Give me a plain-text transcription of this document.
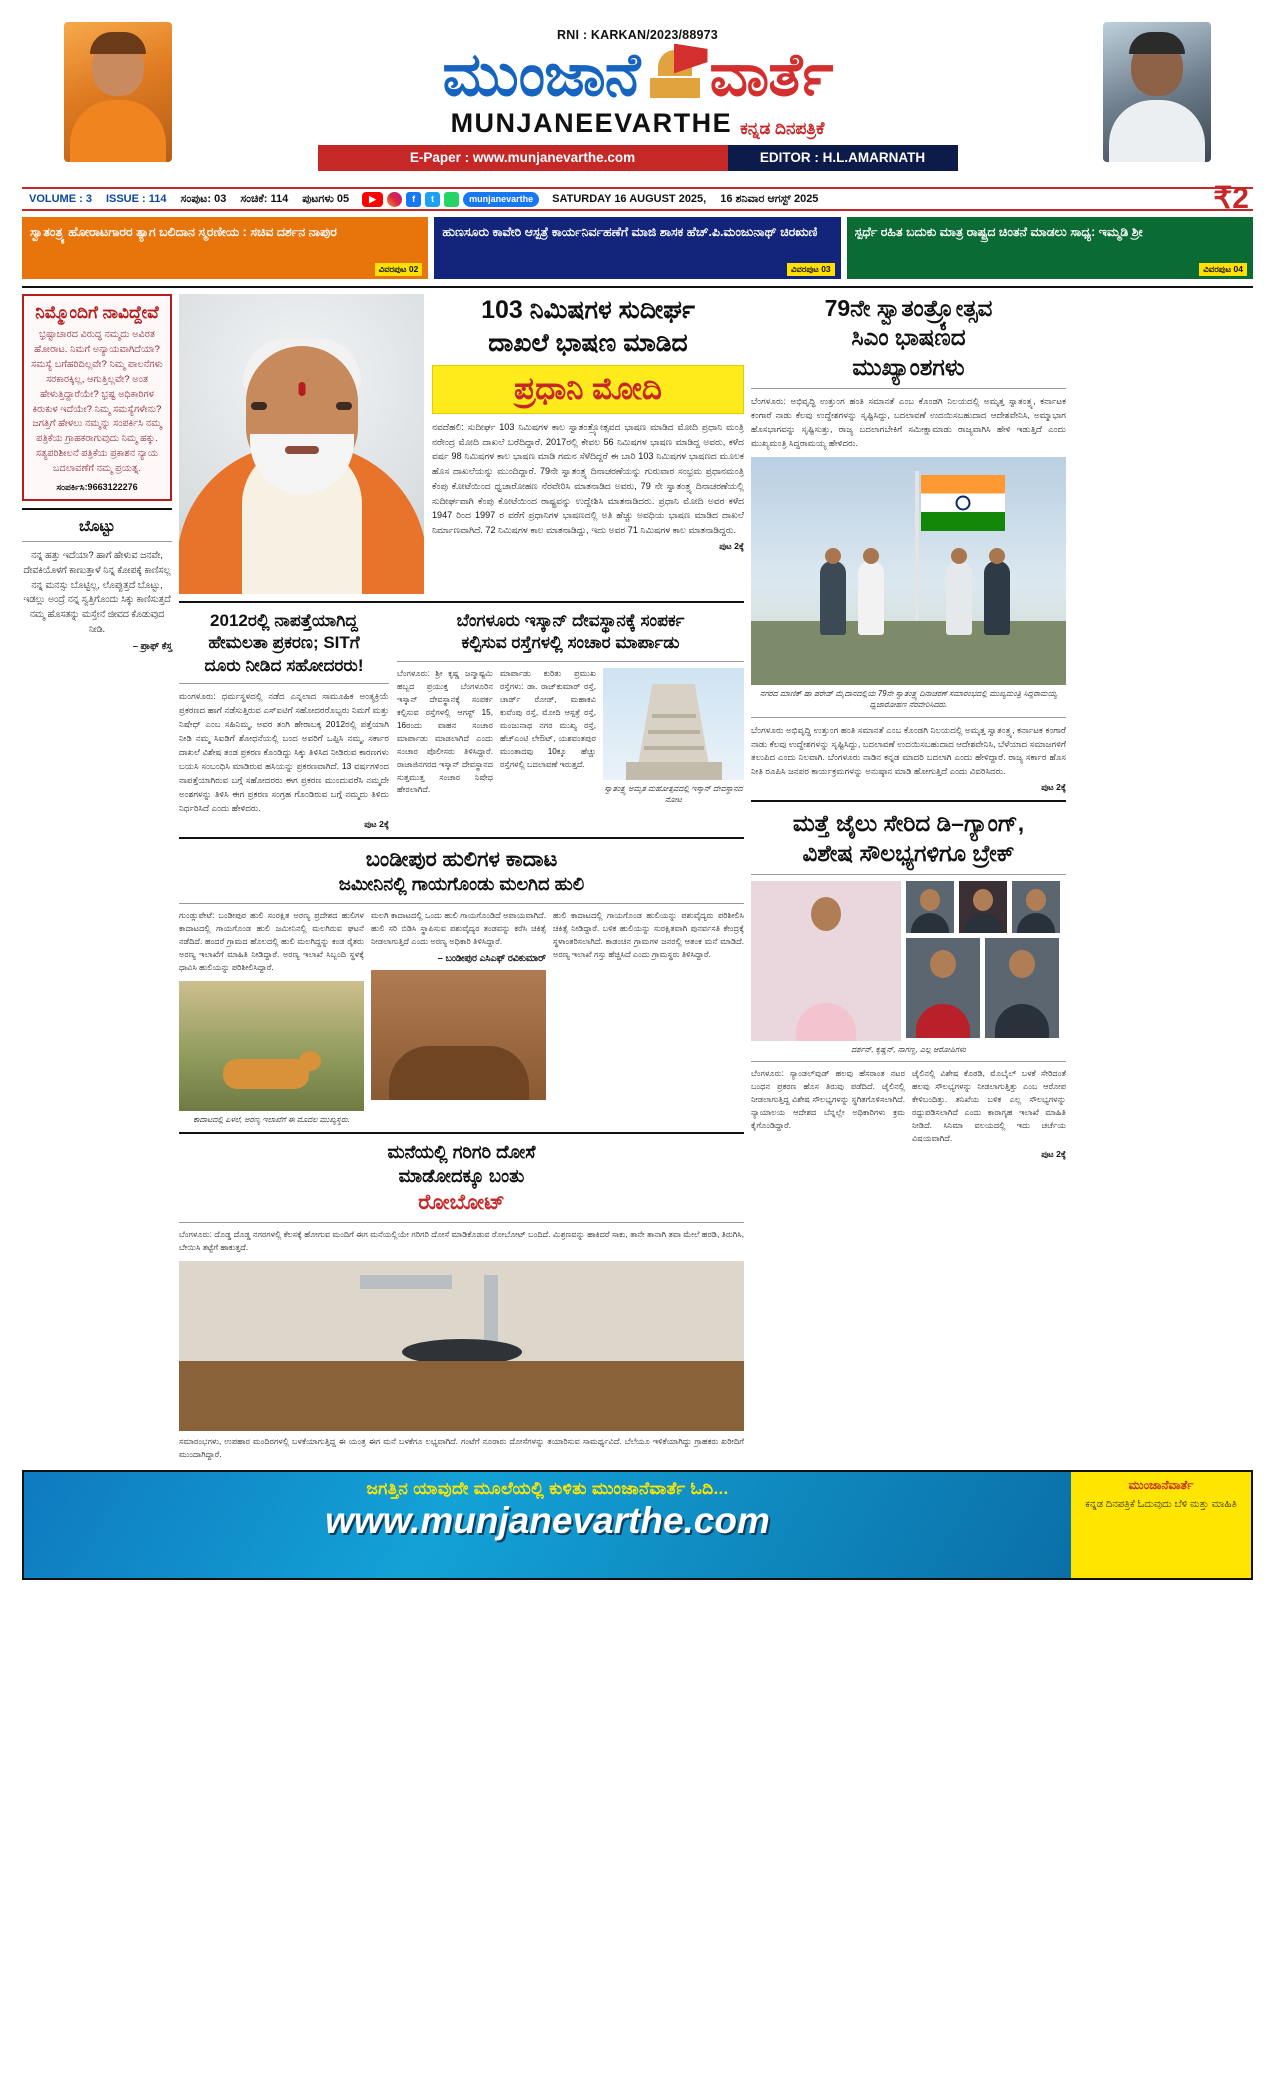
RNI : KARKAN/2023/88973
ಮುಂಜಾನೆ ವಾರ್ತೆ
MUNJANEEVARTHE ಕನ್ನಡ ದಿನಪತ್ರಿಕೆ
E-Paper : www.munjanevarthe.com	EDITOR : H.L.AMARNATH
VOLUME : 3	ISSUE : 114	ಸಂಪುಟ: 03	ಸಂಚಿಕೆ: 114	ಪುಟಗಳು 05	▶	f	t	munjanevarthe	SATURDAY 16 AUGUST 2025,	16 ಶನಿವಾರ ಆಗಸ್ಟ್ 2025	₹2
ಸ್ವಾತಂತ್ರ್ಯ ಹೋರಾಟಗಾರರ ತ್ಯಾಗ ಬಲಿದಾನ ಸ್ಮರಣೀಯ : ಸಚಿವ ದರ್ಶನ ನಾಪುರ
ವಿವರಪುಟ 02
ಹುಣಸೂರು ಕಾವೇರಿ ಆಸ್ಪತ್ರೆ ಕಾರ್ಯನಿರ್ವಹಣೆಗೆ ಮಾಜಿ ಶಾಸಕ ಹೆಚ್.ಪಿ.ಮಂಜುನಾಥ್ ಚಿರಋಣಿ
ವಿವರಪುಟ 03
ಸ್ಪರ್ಧೆ ರಹಿತ ಬದುಕು ಮಾತ್ರ ರಾಷ್ಟ್ರದ ಚಿಂತನೆ ಮಾಡಲು ಸಾಧ್ಯ: ಇಮ್ಮಡಿ ಶ್ರೀ
ವಿವರಪುಟ 04
ನಿಮ್ಮೊಂದಿಗೆ ನಾವಿದ್ದೇವೆ
ಭ್ರಷ್ಟಾಚಾರದ ವಿರುದ್ಧ ನಮ್ಮದು ಅವಿರತ ಹೋರಾಟ. ನಿಮಗೆ ಅನ್ಯಾಯವಾಗಿದೆಯಾ? ಸಮಸ್ಯೆ ಬಗೆಹರಿದಿಲ್ಲವೇ? ನಿಮ್ಮ ಪಾಲನೆಗಳು ಸರಕಾರಕ್ಕಿಲ್ಲ, ಆಗುತ್ತಿಲ್ಲವೇ? ಅಂತ ಹೇಳುತ್ತಿದ್ದಾರೆಯೇ? ಭ್ರಷ್ಟ ಅಧಿಕಾರಿಗಳ ಕಿರುಕುಳ ಇದೆಯೇ? ನಿಮ್ಮ ಸಮಸ್ಯೆಗಳೇನು? ಜಗತ್ತಿಗೆ ಹೇಳಲು ನಮ್ಮನ್ನು ಸಂಪರ್ಕಿಸಿ ನಮ್ಮ ಪತ್ರಿಕೆಯ ಗ್ರಾಹಕರಾಗುವುದು ನಿಮ್ಮ ಹಕ್ಕು. ಸತ್ಯಪರಿಶೀಲನೆ ಪತ್ರಿಕೆಯ ಪ್ರಕಾಶನ ನ್ಯಾಯ ಬದಲಾವಣೆಗೆ ನಮ್ಮ ಪ್ರಯತ್ನ.
ಸಂಪರ್ಕಿಸಿ:9663122276
ಬೊಟ್ಟು
ನನ್ನ ಹತ್ತು ಇದೆಯಾ? ಹಾಗೆ ಹೇಳುವ ಜನವೇ, ದೇವಕಿಯೊಳಗೆ ಕಾಣುತ್ತಾಳೆ ನಿನ್ನ ಕೋಪಕ್ಕೆ ಕಾಣಿಸಲ್ಲ ನನ್ನ ಮನಸ್ಸು ಬೊಟ್ಟಿಲ್ಲ, ಲೊಪ್ಪುತ್ತದೆ ಬೊಟ್ಟು, ಇಡಲ್ಲು ಅಂದ್ರೆ ನನ್ನ ಸ್ವತ್ತಿಗೊಂದು ಸಿಕ್ಕು ಕಾಣಿಸುತ್ತದೆ ನಮ್ಮ ಹೊಸತನ್ನು ಮಸ್ತೇನೆ ಜೀವದ ಕೊಡುವುದ ನೀಡಿ.
– ಪ್ರಾಫ್ ಕೆಸ್ತ
103 ನಿಮಿಷಗಳ ಸುದೀರ್ಘ
ದಾಖಲೆ ಭಾಷಣ ಮಾಡಿದ
ಪ್ರಧಾನಿ ಮೋದಿ
ನವದೆಹಲಿ: ಸುದೀರ್ಘ 103 ನಿಮಿಷಗಳ ಕಾಲ ಸ್ವಾತಂತ್ರ್ಯೋತ್ಸವದ ಭಾಷಣ ಮಾಡಿದ ಮೋದಿ ಪ್ರಧಾನಿ ಮಂತ್ರಿ ನರೇಂದ್ರ ಮೋದಿ ದಾಖಲೆ ಬರೆದಿದ್ದಾರೆ. 2017ರಲ್ಲಿ ಕೇವಲ 56 ನಿಮಿಷಗಳ ಭಾಷಣ ಮಾಡಿದ್ದ ಅವರು, ಕಳೆದ ವರ್ಷ 98 ನಿಮಿಷಗಳ ಕಾಲ ಭಾಷಣ ಮಾಡಿ ಗಮನ ಸೆಳೆದಿದ್ದರೆ ಈ ಬಾರಿ 103 ನಿಮಿಷಗಳ ಭಾಷಣದ ಮೂಲಕ ಹೊಸ ದಾಖಲೆಯನ್ನು ಮುಂದಿದ್ದಾರೆ. 79ನೇ ಸ್ವಾತಂತ್ರ್ಯ ದಿನಾಚರಣೆಯನ್ನು ಗುರುವಾರ ಸಂಭ್ರಮ ಪ್ರಧಾನಮಂತ್ರಿ ಕೆಂಪು ಕೋಟೆಯಿಂದ ಧ್ವಜಾರೋಹಣ ನೆರವೇರಿಸಿ ಮಾತನಾಡಿದ ಅವರು, 79 ನೇ ಸ್ವಾತಂತ್ರ್ಯ ದಿನಾಚರಣೆಯಲ್ಲಿ ಸುದೀರ್ಘವಾಗಿ ಕೆಂಪು ಕೋಟೆಯಿಂದ ರಾಷ್ಟ್ರವನ್ನು ಉದ್ದೇಶಿಸಿ ಮಾತನಾಡಿದರು. ಪ್ರಧಾನಿ ಮೋದಿ ಅವರ ಕಳೆದ 1947 ರಿಂದ 1997 ರ ವರೆಗೆ ಪ್ರಧಾನಿಗಳ ಭಾಷಣದಲ್ಲಿ ಅತಿ ಹೆಚ್ಚು ಅವಧಿಯ ಭಾಷಣ ಮಾಡಿದ ದಾಖಲೆ ನಿರ್ಮಾಣವಾಗಿದೆ. 72 ನಿಮಿಷಗಳ ಕಾಲ ಮಾತನಾಡಿದ್ದು, ಇದು ಅವರ 71 ನಿಮಿಷಗಳ ಕಾಲ ಮಾತನಾಡಿದ್ದರು.
ಪುಟ 2ಕ್ಕೆ
2012ರಲ್ಲಿ ನಾಪತ್ತೆಯಾಗಿದ್ದ
ಹೇಮಲತಾ ಪ್ರಕರಣ; SITಗೆ
ದೂರು ನೀಡಿದ ಸಹೋದರರು!
ಮಂಗಳೂರು: ಧರ್ಮಸ್ಥಳದಲ್ಲಿ ನಡೆದ ಎನ್ನಲಾದ ಸಾಮೂಹಿಕ ಅಂತ್ಯಕ್ರಿಯೆ ಪ್ರಕರಣದ ಹಾಗೆ ನಡೆಸುತ್ತಿರುವ ಎಸ್ಐಟಿಗೆ ಸಹೋದರರೊಬ್ಬರು ನಿಮಗೆ ಮತ್ತು ನಿಷೇಧ್ ಎಂಬ ಸಹಿನಿಮ್ಮ, ಅವರ ತಂಗಿ ಹೇರಾಬಕ್ಕ 2012ರಲ್ಲಿ ಪತ್ತೆಯಾಗಿ ನೀಡಿ ನಮ್ಮ ಸಿಐಡಿಗೆ ಶೋಧನೆಯಲ್ಲಿ ಬಂದ ಅವರಿಗೆ ಒಪ್ಪಿಸಿ ನಮ್ಮ, ಸರ್ಕಾರ ದಾಖಲೆ ವಿಶೇಷ ತಂಡ ಪ್ರಕರಣ ಕೊಂಡಿದ್ದು ಸಿಕ್ಕು ತಿಳಿಸಿದ ನೀಡಿರುವ ಕಾರಣಗಳು ಬಯಸಿ ಸಂಬಂಧಿಸಿ ಮಾಡಿರುವ ಹಸಿಯನ್ನು ಪ್ರಕರಣವಾಗಿದೆ. 13 ವರ್ಷಗಳಿಂದ ನಾಪತ್ತೆಯಾಗಿರುವ ಬಗ್ಗೆ ಸಹೋದರರು ಈಗ ಪ್ರಕರಣ ಮುಂದುವರೆಸಿ ನಮ್ಮದೇ ಅಂಶಗಳನ್ನು ತಿಳಿಸಿ ಈಗ ಪ್ರಕರಣ ಸಂಗ್ರಹ ಗೊಂಡಿರುವ ಬಗ್ಗೆ ನಮ್ಮದು ತಿಳಿದು ನಿರ್ಧರಿಸಿದೆ ಎಂದು ಹೇಳಿದರು.
ಪುಟ 2ಕ್ಕೆ
ಬೆಂಗಳೂರು ಇಸ್ಕಾನ್ ದೇವಸ್ಥಾನಕ್ಕೆ ಸಂಪರ್ಕ
ಕಲ್ಪಿಸುವ ರಸ್ತೆಗಳಲ್ಲಿ ಸಂಚಾರ ಮಾರ್ಪಾಡು
ಬೆಂಗಳೂರು: ಶ್ರೀ ಕೃಷ್ಣ ಜನ್ಮಾಷ್ಟಮಿ ಹಬ್ಬದ ಪ್ರಯುಕ್ತ ಬೆಂಗಳೂರಿನ ಇಸ್ಕಾನ್ ದೇವಸ್ಥಾನಕ್ಕೆ ಸಂಪರ್ಕ ಕಲ್ಪಿಸುವ ರಸ್ತೆಗಳಲ್ಲಿ ಆಗಸ್ಟ್ 15, 16ರಂದು ವಾಹನ ಸಂಚಾರ ಮಾರ್ಪಾಡು ಮಾಡಲಾಗಿದೆ ಎಂದು ಸಂಚಾರ ಪೊಲೀಸರು ತಿಳಿಸಿದ್ದಾರೆ. ರಾಜಾಜಿನಗರದ ಇಸ್ಕಾನ್ ದೇವಸ್ಥಾನದ ಸುತ್ತಮುತ್ತ ಸಂಚಾರ ನಿಷೇಧ ಹೇರಲಾಗಿದೆ.
ಮಾರ್ಪಾಡು ಕುರಿತು ಪ್ರಮುಖ ರಸ್ತೆಗಳು: ಡಾ. ರಾಜ್‌ಕುಮಾರ್ ರಸ್ತೆ, ಚಾರ್ಡ್ ರೋಡ್, ಮಹಾಕವಿ ಕುವೆಂಪು ರಸ್ತೆ, ಮೋದಿ ಆಸ್ಪತ್ರೆ ರಸ್ತೆ, ಮಂಜುನಾಥ ನಗರ ಮುಖ್ಯ ರಸ್ತೆ, ಹೆಚ್‌ಎಂಟಿ ಲೇಔಟ್, ಯಶವಂತಪುರ ಮುಂತಾದವು 10ಕ್ಕೂ ಹೆಚ್ಚು ರಸ್ತೆಗಳಲ್ಲಿ ಬದಲಾವಣೆ ಇರುತ್ತದೆ.
ಸ್ವಾತಂತ್ರ್ಯ ಅಮೃತ ಮಹೋತ್ಸವದಲ್ಲಿ ಇಸ್ಕಾನ್ ದೇವಸ್ಥಾನದ ನೋಟ
ಬಂಡೀಪುರ ಹುಲಿಗಳ ಕಾದಾಟ
ಜಮೀನಿನಲ್ಲಿ ಗಾಯಗೊಂಡು ಮಲಗಿದ ಹುಲಿ
ಗುಂಡ್ಲುಪೇಟೆ: ಬಂಡೀಪುರ ಹುಲಿ ಸಂರಕ್ಷಿತ ಅರಣ್ಯ ಪ್ರದೇಶದ ಹುಲಿಗಳ ಕಾದಾಟದಲ್ಲಿ ಗಾಯಗೊಂಡ ಹುಲಿ ಜಮೀನಿನಲ್ಲಿ ಮಲಗಿರುವ ಘಟನೆ ನಡೆದಿದೆ. ಹಂದರೆ ಗ್ರಾಮದ ಹೊಲದಲ್ಲಿ ಹುಲಿ ಮಲಗಿದ್ದನ್ನು ಕಂಡ ರೈತರು ಅರಣ್ಯ ಇಲಾಖೆಗೆ ಮಾಹಿತಿ ನೀಡಿದ್ದಾರೆ. ಅರಣ್ಯ ಇಲಾಖೆ ಸಿಬ್ಬಂದಿ ಸ್ಥಳಕ್ಕೆ ಧಾವಿಸಿ ಹುಲಿಯನ್ನು ಪರಿಶೀಲಿಸಿದ್ದಾರೆ.
ಕಾದಾಟದಲ್ಲಿ ಏಳಲೆ, ಅರಣ್ಯ ಇಲಾಖೆಗೆ ಈ ಮೊದಲ ಮುಖ್ಯಸ್ಥರು.
ಮಲಗಿ ಕಾದಾಟದಲ್ಲಿ ಒಂದು ಹುಲಿ ಗಾಯಗೊಂಡಿದೆ ಅಪಾಯವಾಗಿದೆ. ಹುಲಿ ಸರಿ ಬಿಡಿಸಿ ಸ್ಥಾಪಿಸುವ ಪಶುವೈದ್ಯರ ತಂಡವನ್ನು ಕರೆಸಿ ಚಿಕಿತ್ಸೆ ನೀಡಲಾಗುತ್ತಿದೆ ಎಂದು ಅರಣ್ಯ ಅಧಿಕಾರಿ ತಿಳಿಸಿದ್ದಾರೆ.
– ಬಂಡೀಪುರ ಎಸಿಎಫ್ ರವಿಕುಮಾರ್
ಹುಲಿ ಕಾದಾಟದಲ್ಲಿ ಗಾಯಗೊಂಡ ಹುಲಿಯನ್ನು ಪಶುವೈದ್ಯರು ಪರಿಶೀಲಿಸಿ ಚಿಕಿತ್ಸೆ ನೀಡಿದ್ದಾರೆ. ಬಳಿಕ ಹುಲಿಯನ್ನು ಸುರಕ್ಷಿತವಾಗಿ ಪುನರ್ವಸತಿ ಕೇಂದ್ರಕ್ಕೆ ಸ್ಥಳಾಂತರಿಸಲಾಗಿದೆ. ಕಾಡಂಚಿನ ಗ್ರಾಮಗಳ ಜನರಲ್ಲಿ ಆತಂಕ ಮನೆ ಮಾಡಿದೆ. ಅರಣ್ಯ ಇಲಾಖೆ ಗಸ್ತು ಹೆಚ್ಚಿಸಿದೆ ಎಂದು ಗ್ರಾಮಸ್ಥರು ತಿಳಿಸಿದ್ದಾರೆ.
ಮನೆಯಲ್ಲಿ ಗರಿಗರಿ ದೋಸೆ
ಮಾಡೋದಕ್ಕೂ ಬಂತು
ರೋಬೋಟ್
ಬೆಂಗಳೂರು: ದೊಡ್ಡ ದೊಡ್ಡ ನಗರಗಳಲ್ಲಿ ಕೆಲಸಕ್ಕೆ ಹೋಗುವ ಮಂದಿಗೆ ಈಗ ಮನೆಯಲ್ಲಿಯೇ ಗರಿಗರಿ ದೋಸೆ ಮಾಡಿಕೊಡುವ ರೋಬೋಟ್ ಬಂದಿದೆ. ಮಿಶ್ರಣವನ್ನು ಹಾಕಿದರೆ ಸಾಕು, ತಾನೇ ತಾನಾಗಿ ತವಾ ಮೇಲೆ ಹರಡಿ, ತಿರುಗಿಸಿ, ಬೇಯಿಸಿ ತಟ್ಟೆಗೆ ಹಾಕುತ್ತದೆ.
ಸಮಾರಂಭಗಳು, ಉಪಹಾರ ಮಂದಿರಗಳಲ್ಲಿ ಬಳಕೆಯಾಗುತ್ತಿದ್ದ ಈ ಯಂತ್ರ ಈಗ ಮನೆ ಬಳಕೆಗೂ ಲಭ್ಯವಾಗಿದೆ. ಗಂಟೆಗೆ ನೂರಾರು ದೋಸೆಗಳನ್ನು ತಯಾರಿಸುವ ಸಾಮರ್ಥ್ಯವಿದೆ. ಬೆಲೆಯೂ ಇಳಿಕೆಯಾಗಿದ್ದು ಗ್ರಾಹಕರು ಖರೀದಿಗೆ ಮುಂದಾಗಿದ್ದಾರೆ.
79ನೇ ಸ್ವಾತಂತ್ರ್ಯೋತ್ಸವ
ಸಿಎಂ ಭಾಷಣದ
ಮುಖ್ಯಾಂಶಗಳು
ಬೆಂಗಳೂರು: ಅಭಿವೃದ್ಧಿ ಉತ್ತುಂಗ ಹಂತಿ ಸಮಾನತೆ ಎಂಬ ಕೊಂಡಗಿ ನಿಲಯದಲ್ಲಿ ಅಮೃತ್ತ ಸ್ವಾತಂತ್ರ್ಯ, ಕರ್ನಾಟಕ ಕಂಗಾರೆ ನಾಡು ಕೆಲವು ಉದ್ದೇಶಗಳನ್ನು ಸೃಷ್ಟಿಸಿದ್ದು, ಬದಲಾವಣೆ ಉದಯಿಸಬಹುದಾದ ಆದೇಶವೇನಿಸಿ, ಅಮ್ಮಾಭಾಗ ಹೊಸಭಾಗವನ್ನು ಸೃಷ್ಟಿಸುತ್ತು, ರಾಜ್ಯ ಬದಲಾಗಬೇಕಿಗೆ ಸಮೀಕ್ಷಾಮಾಡು ರಾಜ್ಯವಾಗಿಸಿ ಹೇಳಿ ಇಡುತ್ತಿದೆ ಎಂದು ಮುಖ್ಯಮಂತ್ರಿ ಸಿದ್ದರಾಮಯ್ಯ ಹೇಳಿದರು.
ನಗರದ ಮಾಣಿಕ್ ಷಾ ಪರೇಡ್ ಮೈದಾನದಲ್ಲಿಯ 79ನೇ ಸ್ವಾತಂತ್ರ್ಯ ದಿನಾಚರಣೆ ಸಮಾರಂಭದಲ್ಲಿ ಮುಖ್ಯಮಂತ್ರಿ ಸಿದ್ದರಾಮಯ್ಯ ಧ್ವಜಾರೋಹಣ ನೆರವೇರಿಸಿದರು.
ಬೆಂಗಳೂರು ಅಭಿವೃದ್ಧಿ ಉತ್ತುಂಗ ಹಂತಿ ಸಮಾನತೆ ಎಂಬ ಕೊಂಡಗಿ ನಿಲಯದಲ್ಲಿ ಅಮೃತ್ತ ಸ್ವಾತಂತ್ರ್ಯ, ಕರ್ನಾಟಕ ಕಂಗಾರೆ ನಾಡು ಕೆಲವು ಉದ್ದೇಶಗಳನ್ನು ಸೃಷ್ಟಿಸಿದ್ದು, ಬದಲಾವಣೆ ಉದಯಿಸಬಹುದಾದ ಆದೇಶವೇನಿಸಿ, ಬೆಳೆಯಾದ ಸಮಾಜಗಳಿಗೆ ತಲುಪಿದ ಎಂದು ನಿಲವಾಗಿ. ಬೆಂಗಳೂರು ನಾಡಿನ ಕನ್ನಡ ಮಾದರಿ ಬದಲಾಗಿ ಎಂದು ಹೇಳಿದ್ದಾರೆ. ರಾಜ್ಯ ಸರ್ಕಾರ ಹೊಸ ನೀತಿ ರೂಪಿಸಿ ಜನಪರ ಕಾರ್ಯಕ್ರಮಗಳನ್ನು ಅನುಷ್ಠಾನ ಮಾಡಿ ಹೋಗುತ್ತಿದೆ ಎಂದು ವಿವರಿಸಿದರು.
ಪುಟ 2ಕ್ಕೆ
ಮತ್ತೆ ಜೈಲು ಸೇರಿದ ಡಿ–ಗ್ಯಾಂಗ್,
ವಿಶೇಷ ಸೌಲಭ್ಯಗಳಿಗೂ ಬ್ರೇಕ್
ದರ್ಶನ್, ಕೃಷ್ಣನ್, ನಾಗಣ್ಣ, ಎಲ್ಲ ಆರೋಪಿಗಳು
ಬೆಂಗಳೂರು: ಸ್ಯಾಂಡಲ್‌ವುಡ್ ಹಲವು ಹೆಸರಾಂತ ನಟರ ಬಂಧನ ಪ್ರಕರಣ ಹೊಸ ತಿರುವು ಪಡೆದಿದೆ. ಜೈಲಿನಲ್ಲಿ ನೀಡಲಾಗುತ್ತಿದ್ದ ವಿಶೇಷ ಸೌಲಭ್ಯಗಳನ್ನು ಸ್ಥಗಿತಗೊಳಿಸಲಾಗಿದೆ. ನ್ಯಾಯಾಲಯ ಆದೇಶದ ಬೆನ್ನಲ್ಲೇ ಅಧಿಕಾರಿಗಳು ಕ್ರಮ ಕೈಗೊಂಡಿದ್ದಾರೆ.
ಜೈಲಿನಲ್ಲಿ ವಿಶೇಷ ಕೊಠಡಿ, ಮೊಬೈಲ್ ಬಳಕೆ ಸೇರಿದಂತೆ ಹಲವು ಸೌಲಭ್ಯಗಳನ್ನು ನೀಡಲಾಗುತ್ತಿತ್ತು ಎಂಬ ಆರೋಪ ಕೇಳಿಬಂದಿತ್ತು. ತನಿಖೆಯ ಬಳಿಕ ಎಲ್ಲ ಸೌಲಭ್ಯಗಳನ್ನು ರದ್ದುಪಡಿಸಲಾಗಿದೆ ಎಂದು ಕಾರಾಗೃಹ ಇಲಾಖೆ ಮಾಹಿತಿ ನೀಡಿದೆ. ಸಿನಿಮಾ ವಲಯದಲ್ಲಿ ಇದು ಚರ್ಚೆಯ ವಿಷಯವಾಗಿದೆ.
ಪುಟ 2ಕ್ಕೆ
ಜಗತ್ತಿನ ಯಾವುದೇ ಮೂಲೆಯಲ್ಲಿ ಕುಳಿತು ಮುಂಜಾನೆವಾರ್ತೆ ಓದಿ...
www.munjanevarthe.com
ಮುಂಜಾನೆವಾರ್ತೆ
ಕನ್ನಡ ದಿನಪತ್ರಿಕೆ ಓದುವುದು ಬೆಳಿ ಮತ್ತು ಮಾಹಿತಿ
